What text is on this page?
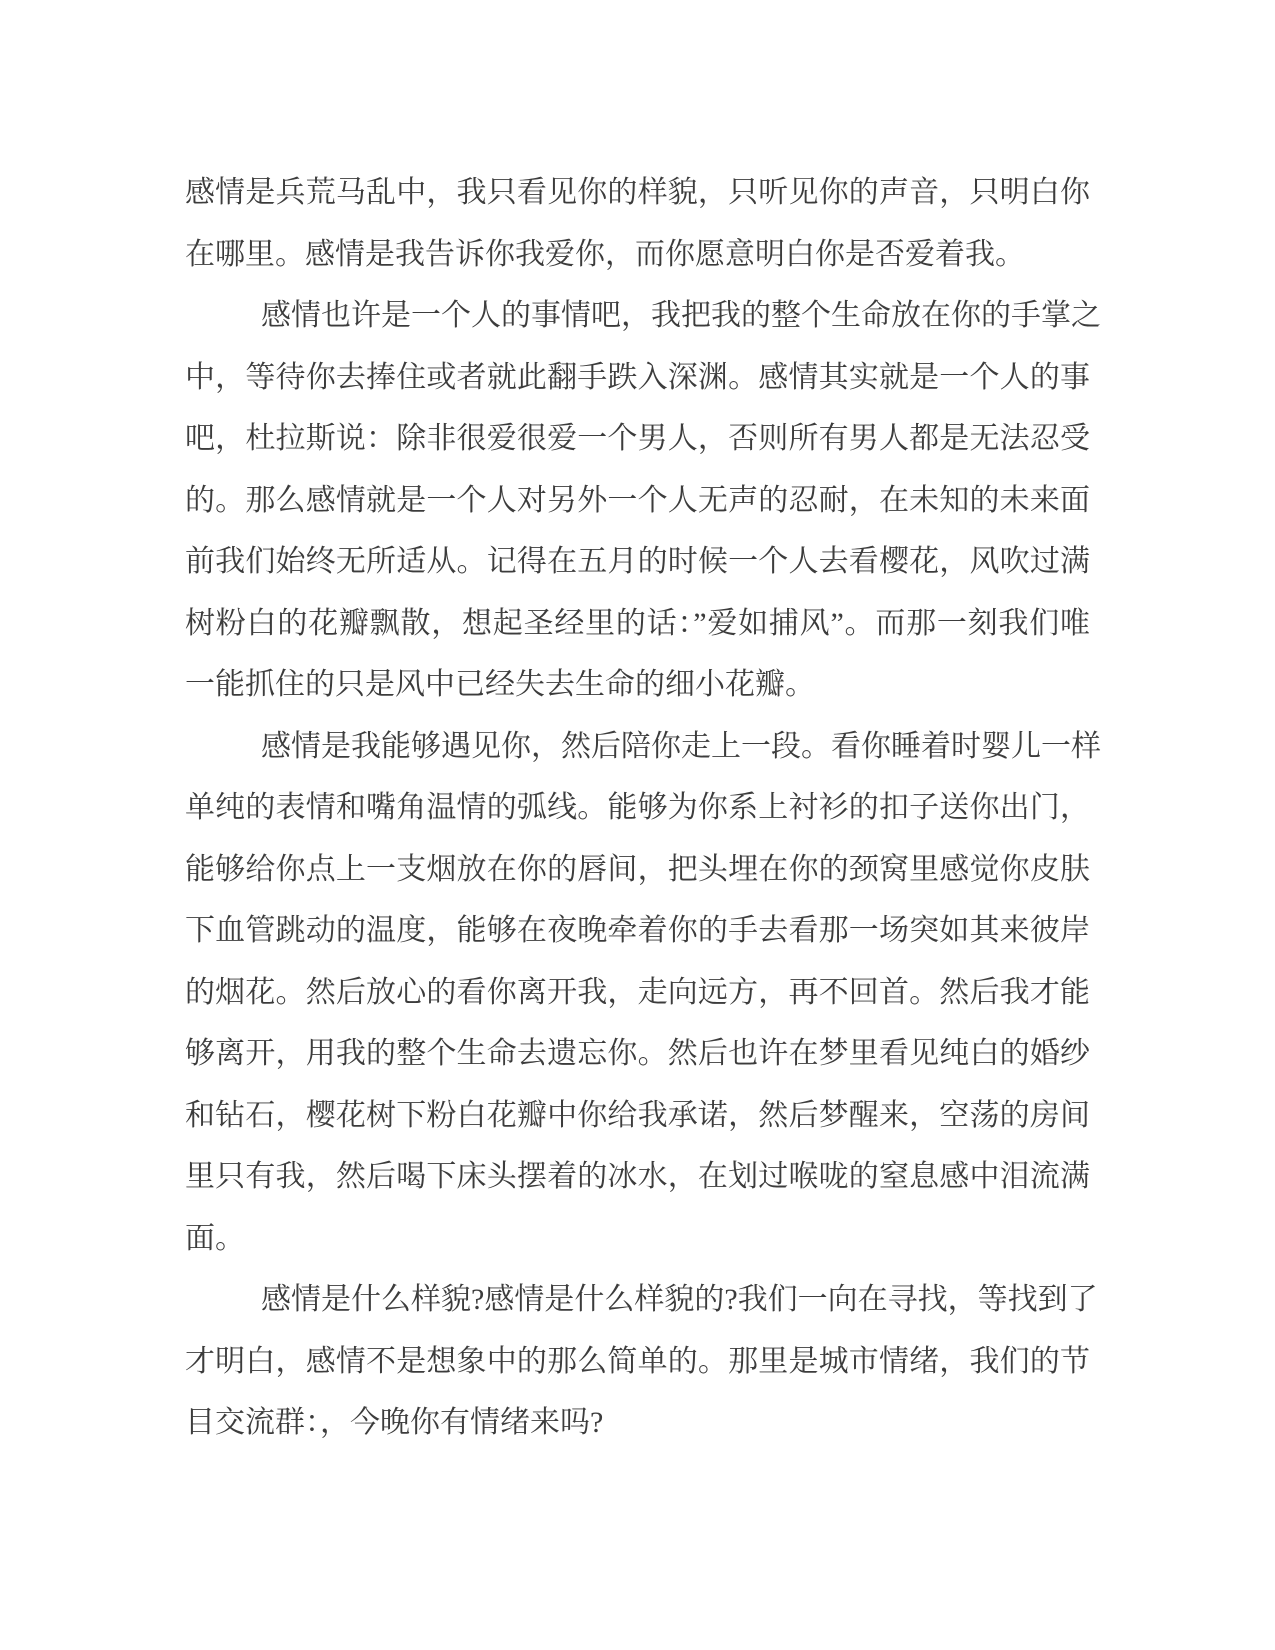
感情是兵荒马乱中，我只看见你的样貌，只听见你的声音，只明白你
在哪里。感情是我告诉你我爱你，而你愿意明白你是否爱着我。
感情也许是一个人的事情吧，我把我的整个生命放在你的手掌之
中，等待你去捧住或者就此翻手跌入深渊。感情其实就是一个人的事
吧，杜拉斯说：除非很爱很爱一个男人，否则所有男人都是无法忍受
的。那么感情就是一个人对另外一个人无声的忍耐，在未知的未来面
前我们始终无所适从。记得在五月的时候一个人去看樱花，风吹过满
树粉白的花瓣飘散，想起圣经里的话：”爱如捕风”。而那一刻我们唯
一能抓住的只是风中已经失去生命的细小花瓣。
感情是我能够遇见你，然后陪你走上一段。看你睡着时婴儿一样
单纯的表情和嘴角温情的弧线。能够为你系上衬衫的扣子送你出门，
能够给你点上一支烟放在你的唇间，把头埋在你的颈窝里感觉你皮肤
下血管跳动的温度，能够在夜晚牵着你的手去看那一场突如其来彼岸
的烟花。然后放心的看你离开我，走向远方，再不回首。然后我才能
够离开，用我的整个生命去遗忘你。然后也许在梦里看见纯白的婚纱
和钻石，樱花树下粉白花瓣中你给我承诺，然后梦醒来，空荡的房间
里只有我，然后喝下床头摆着的冰水，在划过喉咙的窒息感中泪流满
面。
感情是什么样貌?感情是什么样貌的?我们一向在寻找，等找到了
才明白，感情不是想象中的那么简单的。那里是城市情绪，我们的节
目交流群：，今晚你有情绪来吗?
